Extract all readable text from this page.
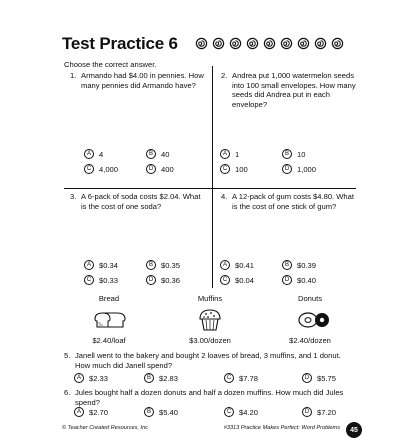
Test Practice 6
Choose the correct answer.
1. Armando had $4.00 in pennies. How many pennies did Armando have?
A	4	B	40
C	4,000	D	400
2. Andrea put 1,000 watermelon seeds into 100 small envelopes. How many seeds did Andrea put in each envelope?
A	1	B	10
C	100	D	1,000
3. A 6-pack of soda costs $2.04. What is the cost of one soda?
A	$0.34	B	$0.35
C	$0.33	D	$0.36
4. A 12-pack of gum costs $4.80. What is the cost of one stick of gum?
A	$0.41	B	$0.39
C	$0.04	D	$0.40
Bread	Muffins	Donuts
$2.40/loaf	$3.00/dozen	$2.40/dozen
5. Janell went to the bakery and bought 2 loaves of bread, 3 muffins, and 1 donut. How much did Janell spend?
A	$2.33	B	$2.83	C	$7.78	D	$5.75
6. Jules bought half a dozen donuts and half a dozen muffins. How much did Jules spend?
A	$2.70	B	$5.40	C	$4.20	D	$7.20
© Teacher Created Resources, Inc	#3313 Practice Makes Perfect: Word Problems	45
